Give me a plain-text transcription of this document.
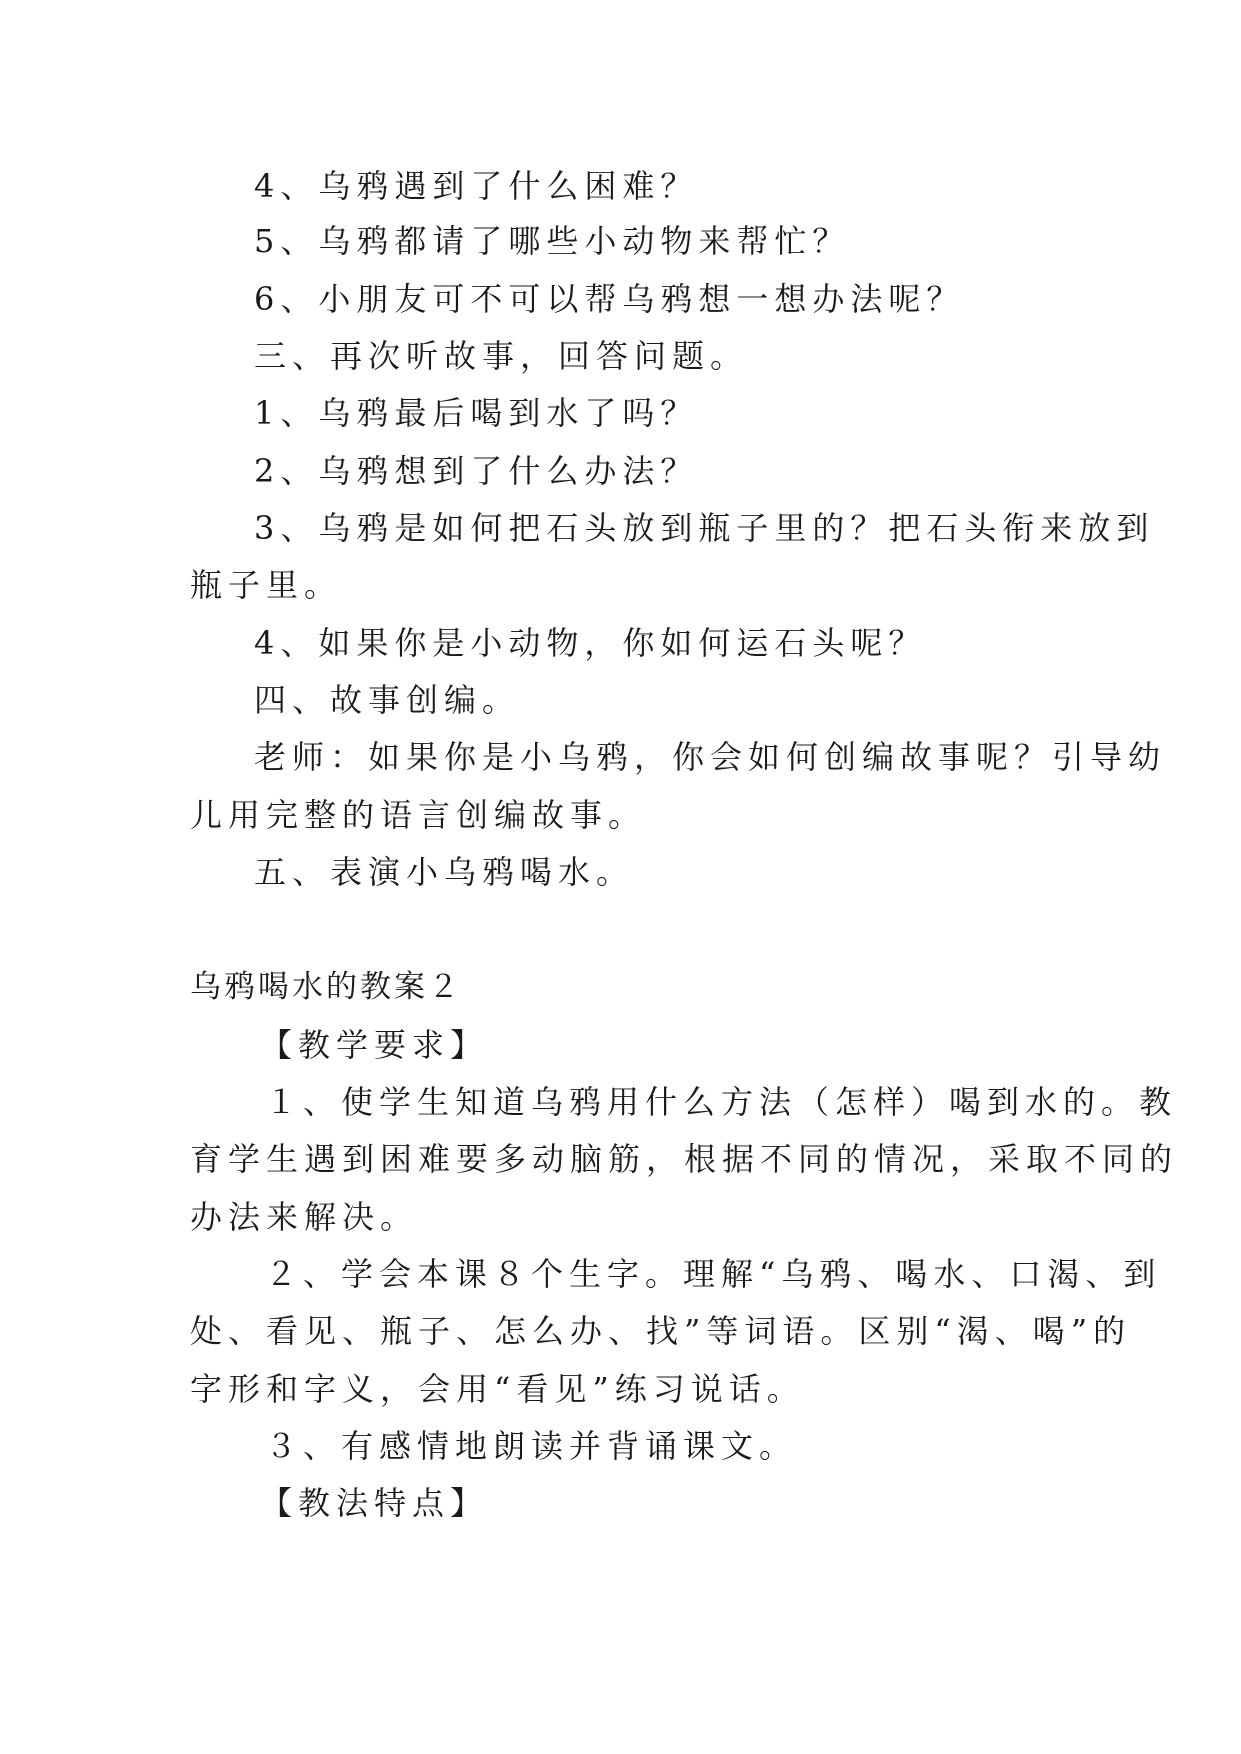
4、乌鸦遇到了什么困难？
5、乌鸦都请了哪些小动物来帮忙？
6、小朋友可不可以帮乌鸦想一想办法呢？
三、再次听故事，回答问题。
1、乌鸦最后喝到水了吗？
2、乌鸦想到了什么办法？
3、乌鸦是如何把石头放到瓶子里的？把石头衔来放到
瓶子里。
4、如果你是小动物，你如何运石头呢？
四、故事创编。
老师：如果你是小乌鸦，你会如何创编故事呢？引导幼
儿用完整的语言创编故事。
五、表演小乌鸦喝水。
乌鸦喝水的教案２
【教学要求】
１、使学生知道乌鸦用什么方法（怎样）喝到水的。教
育学生遇到困难要多动脑筋，根据不同的情况，采取不同的
办法来解决。
２、学会本课８个生字。理解“乌鸦、喝水、口渴、到
处、看见、瓶子、怎么办、找”等词语。区别“渴、喝”的
字形和字义，会用“看见”练习说话。
３、有感情地朗读并背诵课文。
【教法特点】
